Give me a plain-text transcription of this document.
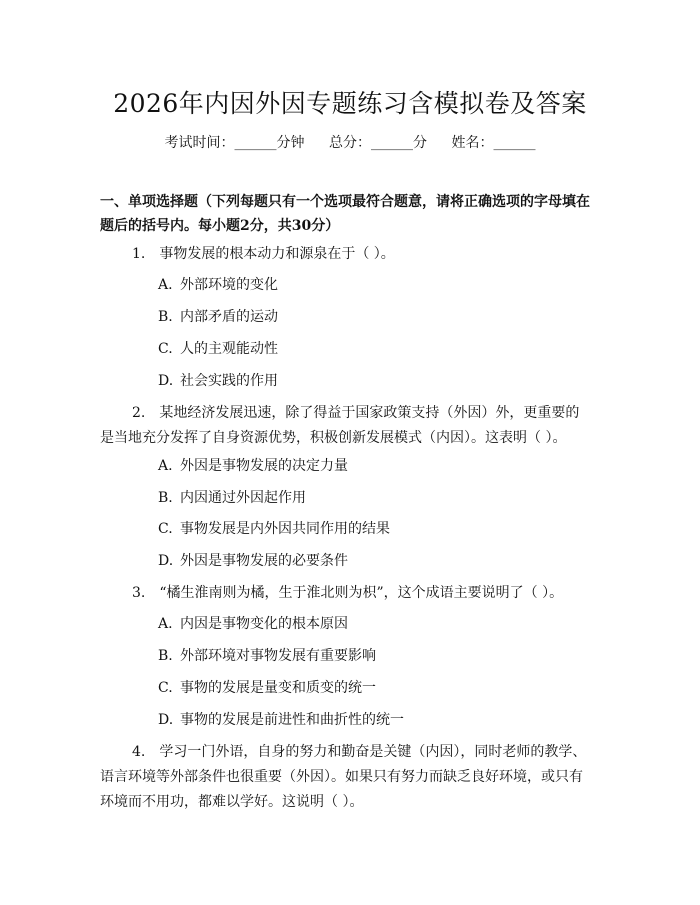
2026年内因外因专题练习含模拟卷及答案
考试时间：______分钟 总分：______分 姓名：______
一、单项选择题（下列每题只有一个选项最符合题意，请将正确选项的字母填在题后的括号内。每小题2分，共30分）
1. 事物发展的根本动力和源泉在于（ ）。
A. 外部环境的变化
B. 内部矛盾的运动
C. 人的主观能动性
D. 社会实践的作用
2. 某地经济发展迅速，除了得益于国家政策支持（外因）外，更重要的是当地充分发挥了自身资源优势，积极创新发展模式（内因）。这表明（ ）。
A. 外因是事物发展的决定力量
B. 内因通过外因起作用
C. 事物发展是内外因共同作用的结果
D. 外因是事物发展的必要条件
3. “橘生淮南则为橘，生于淮北则为枳”，这个成语主要说明了（ ）。
A. 内因是事物变化的根本原因
B. 外部环境对事物发展有重要影响
C. 事物的发展是量变和质变的统一
D. 事物的发展是前进性和曲折性的统一
4. 学习一门外语，自身的努力和勤奋是关键（内因），同时老师的教学、语言环境等外部条件也很重要（外因）。如果只有努力而缺乏良好环境，或只有环境而不用功，都难以学好。这说明（ ）。
